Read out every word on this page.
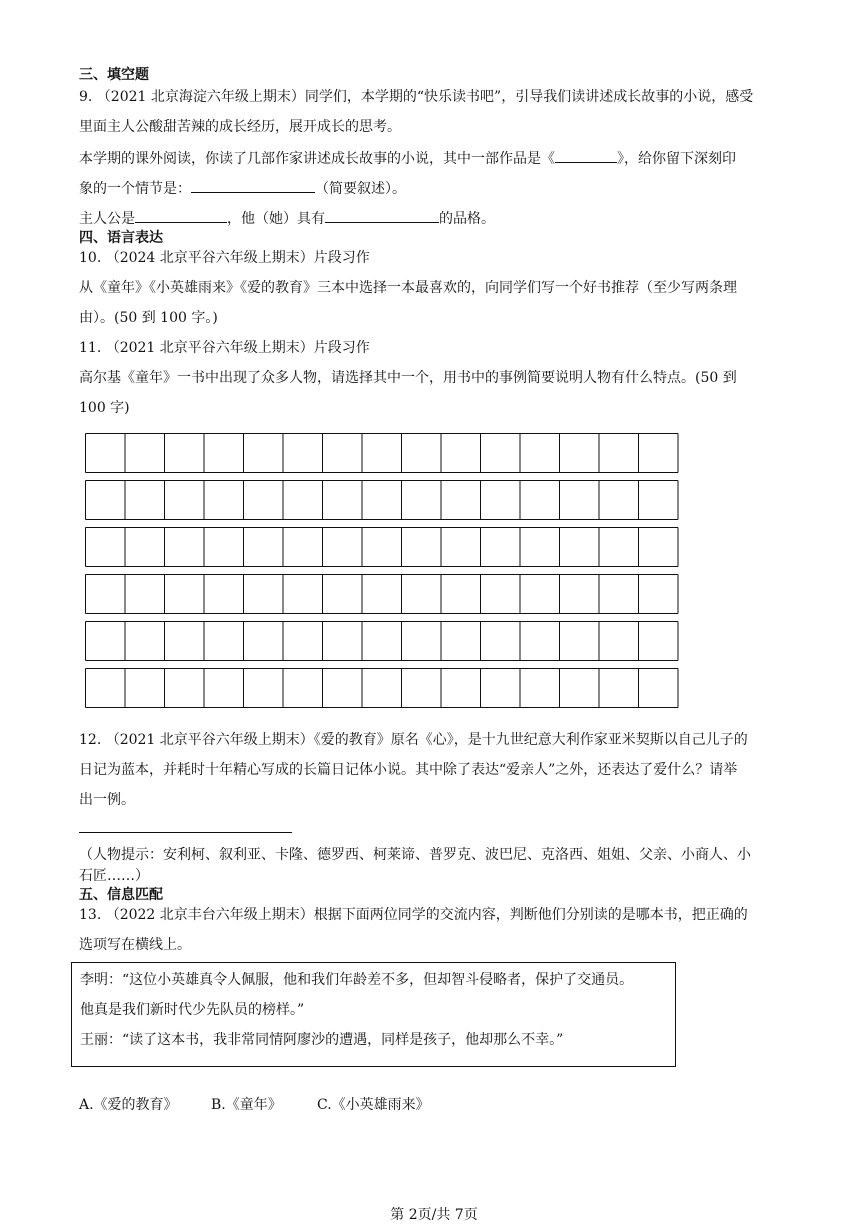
三、填空题
9. （2021 北京海淀六年级上期末）同学们，本学期的“快乐读书吧”，引导我们读讲述成长故事的小说，感受
里面主人公酸甜苦辣的成长经历，展开成长的思考。
本学期的课外阅读，你读了几部作家讲述成长故事的小说，其中一部作品是《	》，给你留下深刻印
象的一个情节是：	（简要叙述）。
主人公是	，他（她）具有	的品格。
四、语言表达
10. （2024 北京平谷六年级上期末）片段习作
从《童年》《小英雄雨来》《爱的教育》三本中选择一本最喜欢的，向同学们写一个好书推荐（至少写两条理
由）。(50 到 100 字。)
11. （2021 北京平谷六年级上期末）片段习作
高尔基《童年》一书中出现了众多人物，请选择其中一个，用书中的事例简要说明人物有什么特点。(50 到
100 字)
12. （2021 北京平谷六年级上期末）《爱的教育》原名《心》，是十九世纪意大利作家亚米契斯以自己儿子的
日记为蓝本，并耗时十年精心写成的长篇日记体小说。其中除了表达“爱亲人”之外，还表达了爱什么？请举
出一例。
（人物提示：安利柯、叙利亚、卡隆、德罗西、柯莱谛、普罗克、波巴尼、克洛西、姐姐、父亲、小商人、小
石匠……）
五、信息匹配
13. （2022 北京丰台六年级上期末）根据下面两位同学的交流内容，判断他们分别读的是哪本书，把正确的
选项写在横线上。
李明：“这位小英雄真令人佩服，他和我们年龄差不多，但却智斗侵略者，保护了交通员。
他真是我们新时代少先队员的榜样。”
王丽：“读了这本书，我非常同情阿廖沙的遭遇，同样是孩子，他却那么不幸。”
A.《爱的教育》 B.《童年》	C.《小英雄雨来》
第 2页/共 7页
